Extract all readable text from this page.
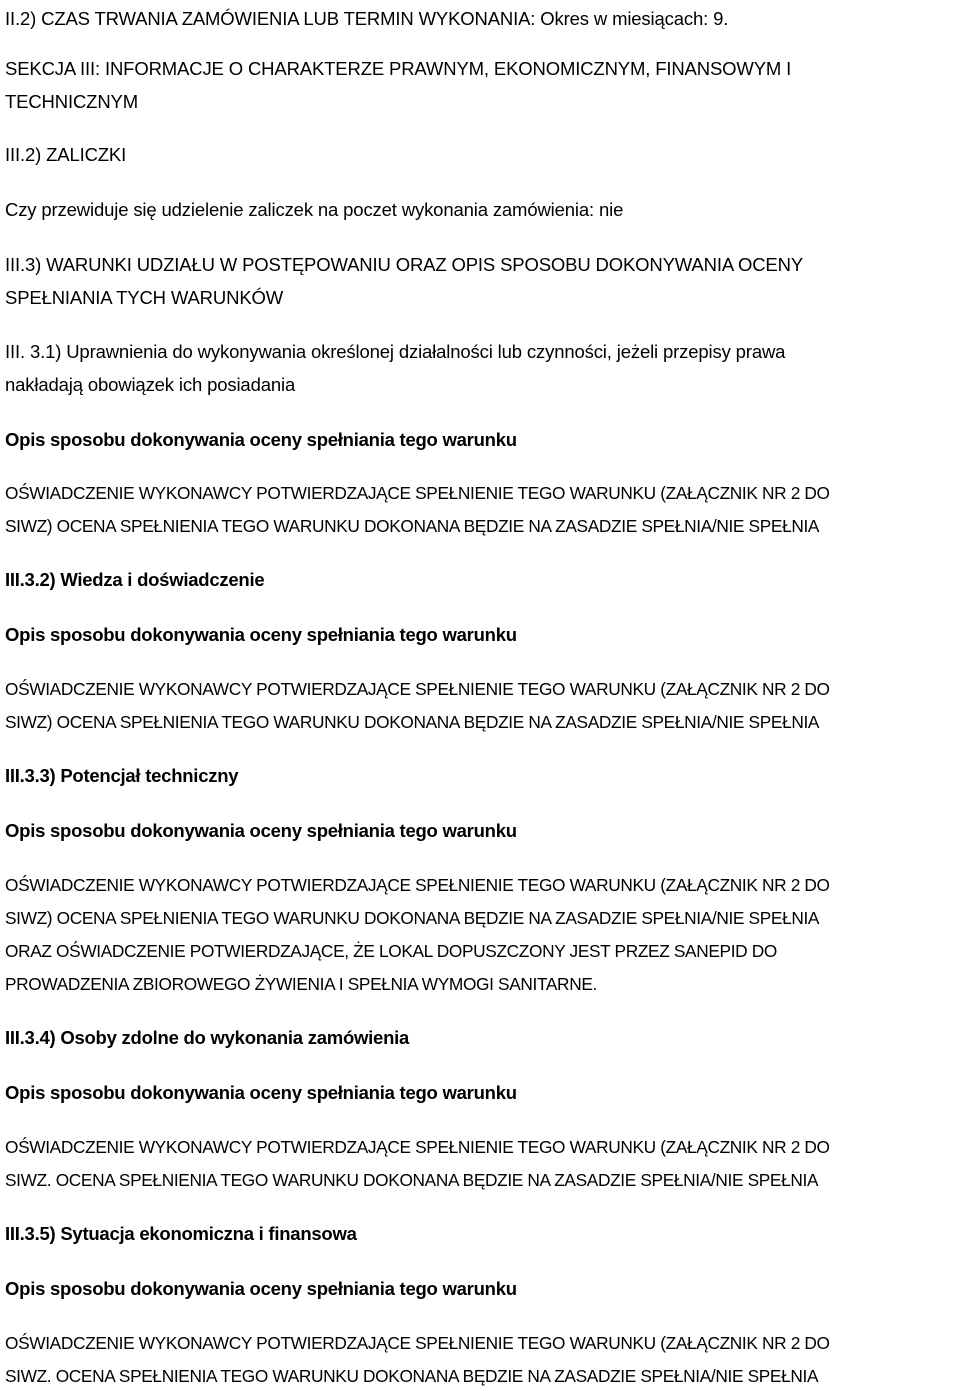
II.2) CZAS TRWANIA ZAMÓWIENIA LUB TERMIN WYKONANIA: Okres w miesiącach: 9.

SEKCJA III: INFORMACJE O CHARAKTERZE PRAWNYM, EKONOMICZNYM, FINANSOWYM I

TECHNICZNYM

III.2) ZALICZKI

Czy przewiduje się udzielenie zaliczek na poczet wykonania zamówienia: nie

III.3) WARUNKI UDZIAŁU W POSTĘPOWANIU ORAZ OPIS SPOSOBU DOKONYWANIA OCENY

SPEŁNIANIA TYCH WARUNKÓW

III. 3.1) Uprawnienia do wykonywania określonej działalności lub czynności, jeżeli przepisy prawa

nakładają obowiązek ich posiadania

Opis sposobu dokonywania oceny spełniania tego warunku

OŚWIADCZENIE WYKONAWCY POTWIERDZAJĄCE SPEŁNIENIE TEGO WARUNKU (ZAŁĄCZNIK NR 2 DO

SIWZ) OCENA SPEŁNIENIA TEGO WARUNKU DOKONANA BĘDZIE NA ZASADZIE SPEŁNIA/NIE SPEŁNIA

III.3.2) Wiedza i doświadczenie

Opis sposobu dokonywania oceny spełniania tego warunku

OŚWIADCZENIE WYKONAWCY POTWIERDZAJĄCE SPEŁNIENIE TEGO WARUNKU (ZAŁĄCZNIK NR 2 DO

SIWZ) OCENA SPEŁNIENIA TEGO WARUNKU DOKONANA BĘDZIE NA ZASADZIE SPEŁNIA/NIE SPEŁNIA

III.3.3) Potencjał techniczny

Opis sposobu dokonywania oceny spełniania tego warunku

OŚWIADCZENIE WYKONAWCY POTWIERDZAJĄCE SPEŁNIENIE TEGO WARUNKU (ZAŁĄCZNIK NR 2 DO

SIWZ) OCENA SPEŁNIENIA TEGO WARUNKU DOKONANA BĘDZIE NA ZASADZIE SPEŁNIA/NIE SPEŁNIA

ORAZ OŚWIADCZENIE POTWIERDZAJĄCE, ŻE LOKAL DOPUSZCZONY JEST PRZEZ SANEPID DO

PROWADZENIA ZBIOROWEGO ŻYWIENIA I SPEŁNIA WYMOGI SANITARNE.

III.3.4) Osoby zdolne do wykonania zamówienia

Opis sposobu dokonywania oceny spełniania tego warunku

OŚWIADCZENIE WYKONAWCY POTWIERDZAJĄCE SPEŁNIENIE TEGO WARUNKU (ZAŁĄCZNIK NR 2 DO

SIWZ. OCENA SPEŁNIENIA TEGO WARUNKU DOKONANA BĘDZIE NA ZASADZIE SPEŁNIA/NIE SPEŁNIA

III.3.5) Sytuacja ekonomiczna i finansowa

Opis sposobu dokonywania oceny spełniania tego warunku

OŚWIADCZENIE WYKONAWCY POTWIERDZAJĄCE SPEŁNIENIE TEGO WARUNKU (ZAŁĄCZNIK NR 2 DO

SIWZ. OCENA SPEŁNIENIA TEGO WARUNKU DOKONANA BĘDZIE NA ZASADZIE SPEŁNIA/NIE SPEŁNIA
